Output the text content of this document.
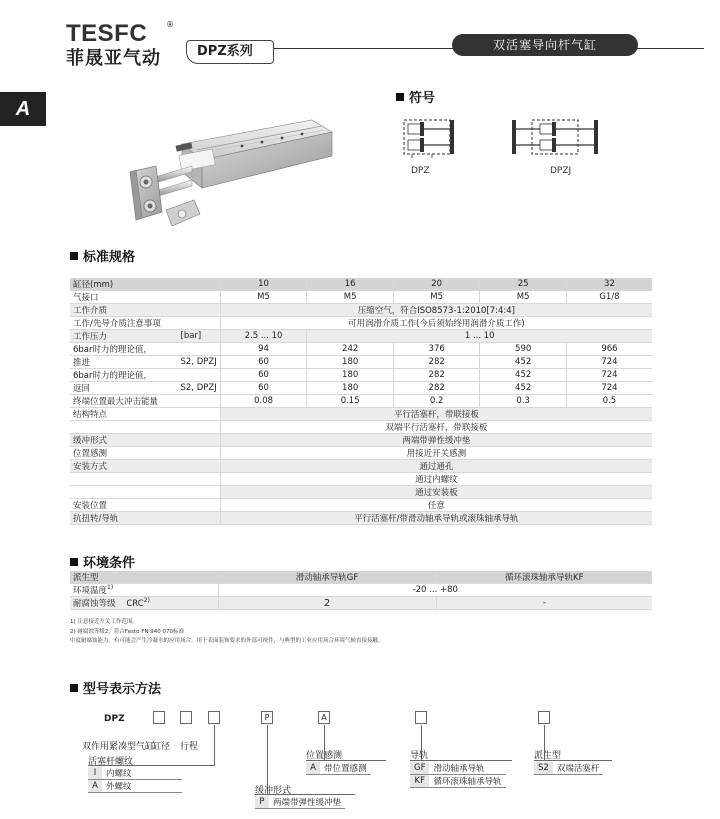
TESFC ®
菲晟亚气动	DPZ系列	双活塞导向杆气缸
A	符号
DPZ	DPZJ
标准规格
缸径(mm)		10	16	20	25	32
气接口		M5	M5	M5	M5	G1/8
工作介质		压缩空气，符合ISO8573-1:2010[7:4:4]				
工作/先导介质注意事项		可用润滑介质工作(今后须始终用润滑介质工作)				
工作压力	[bar]	2.5 ... 10	1 ... 10			
6bar时力的理论值，		94	242	376	590	966
推进	S2, DPZJ	60	180	282	452	724
6bar时力的理论值，		60	180	282	452	724
返回	S2, DPZJ	60	180	282	452	724
终端位置最大冲击能量		0.08	0.15	0.2	0.3	0.5
结构特点		平行活塞杆，带联接板				
		双端平行活塞杆，带联接板				
缓冲形式		两端带弹性缓冲垫				
位置感测		用接近开关感测				
安装方式		通过通孔				
		通过内螺纹				
		通过安装板				
安装位置		任意				
抗扭转/导轨		平行活塞杆/带滑动轴承导轨或滚珠轴承导轨				
环境条件
派生型	滑动轴承导轨GF	循环滚珠轴承导轨KF
环境温度$^{1)}$	-20 ... +80	
耐腐蚀等级 CRC$^{2)}$	2	-
1) 注意接近开关工作范围。
2) 耐腐蚀等级2，符合Festo FN 940 070标准
中度耐腐蚀能力。有可能会产生冷凝水的应用场合。用于表面装饰要求的外部可视件，与典型的工业应用场合环境气候直接接触。
型号表示方法
DPZ	P	A
双作用紧凑型气缸
缸径 行程
活塞杆螺纹
I	内螺纹
A	外螺纹	缓冲形式
P	两端带弹性缓冲垫
位置感测
A	带位置感测
导轨
GF	滑动轴承导轨
KF	循环滚珠轴承导轨
派生型
S2	双端活塞杆
